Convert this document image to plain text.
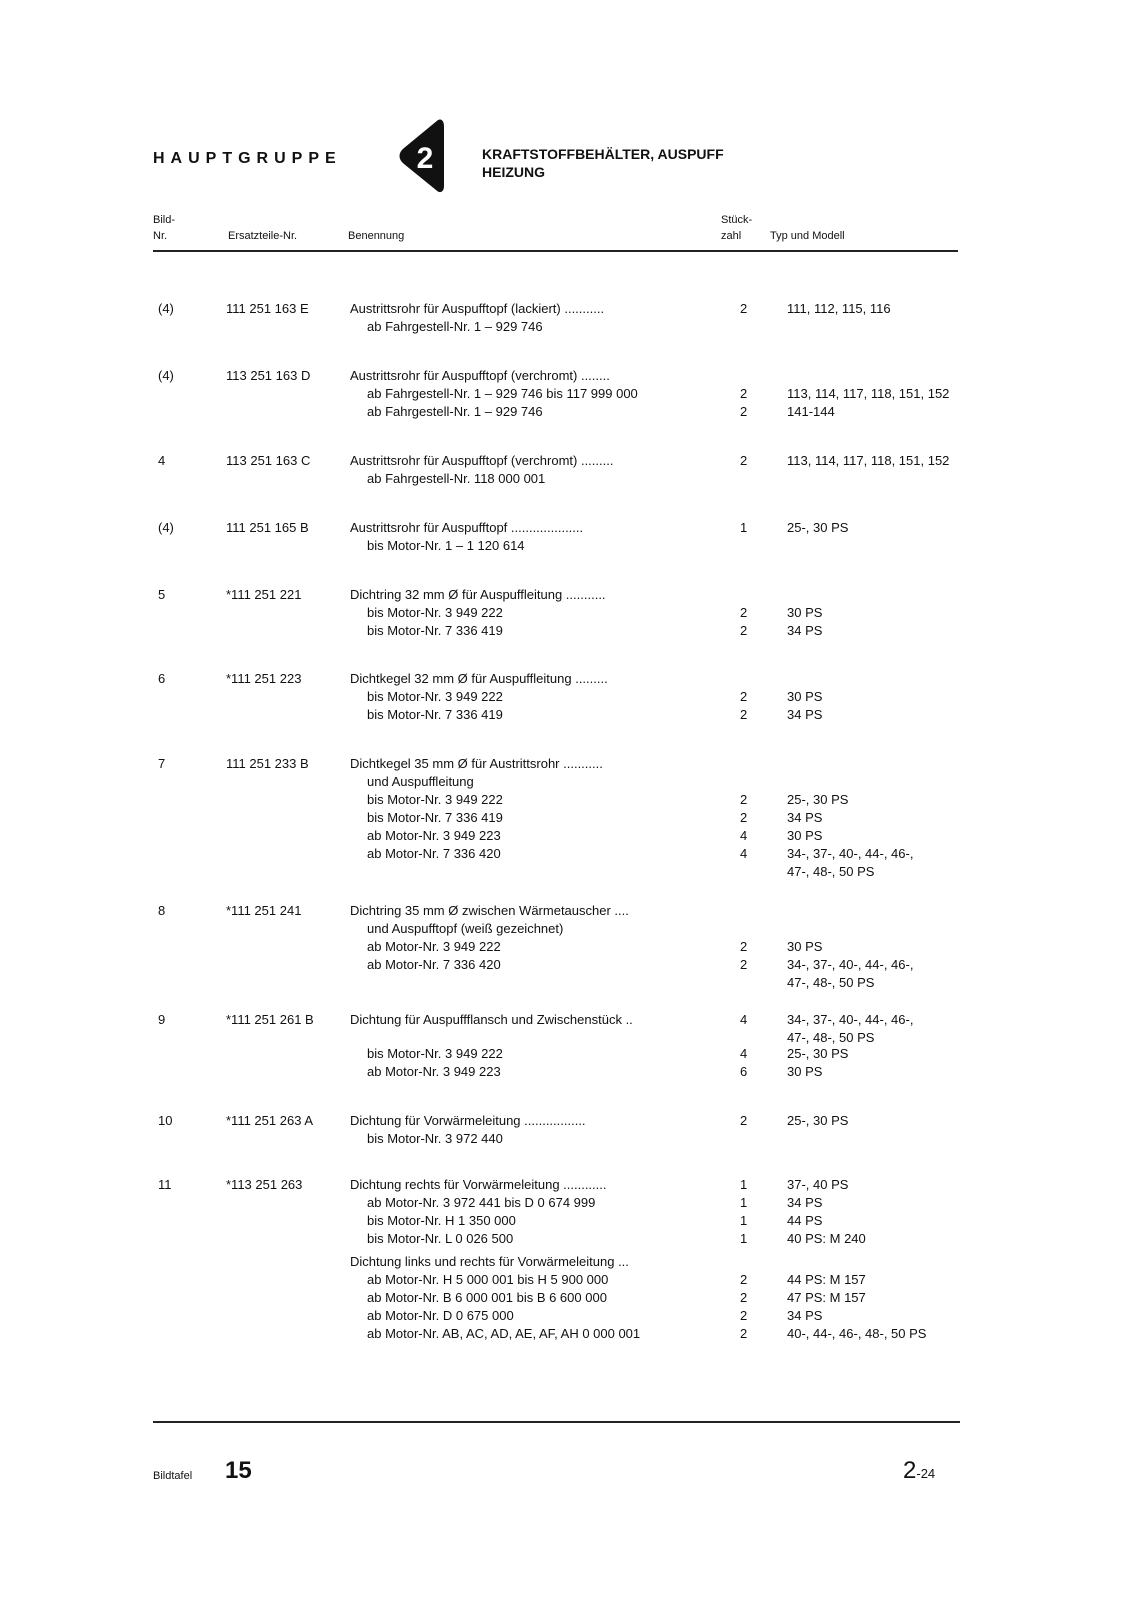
HAUPTGRUPPE 2	KRAFTSTOFFBEHÄLTER, AUSPUFF
HEIZUNG
Bild-
Nr.	Ersatzteile-Nr.	Benennung
Stück-
zahl	Typ und Modell
(4)	111 251 163 E	Austrittsrohr für Auspufftopf (lackiert) ...........	2	111, 112, 115, 116
ab Fahrgestell-Nr. 1 – 929 746
(4)	113 251 163 D	Austrittsrohr für Auspufftopf (verchromt) ........
ab Fahrgestell-Nr. 1 – 929 746 bis 117 999 000	2	113, 114, 117, 118, 151, 152
ab Fahrgestell-Nr. 1 – 929 746	2	141-144
4	113 251 163 C	Austrittsrohr für Auspufftopf (verchromt) .........	2	113, 114, 117, 118, 151, 152
ab Fahrgestell-Nr. 118 000 001
(4)	111 251 165 B	Austrittsrohr für Auspufftopf ....................	1	25-, 30 PS
bis Motor-Nr. 1 – 1 120 614
5	*111 251 221	Dichtring 32 mm Ø für Auspuffleitung ...........
bis Motor-Nr. 3 949 222	2	30 PS
bis Motor-Nr. 7 336 419	2	34 PS
6	*111 251 223	Dichtkegel 32 mm Ø für Auspuffleitung .........
bis Motor-Nr. 3 949 222	2	30 PS
bis Motor-Nr. 7 336 419	2	34 PS
7	111 251 233 B	Dichtkegel 35 mm Ø für Austrittsrohr ...........
und Auspuffleitung
bis Motor-Nr. 3 949 222	2	25-, 30 PS
bis Motor-Nr. 7 336 419	2	34 PS
ab Motor-Nr. 3 949 223	4	30 PS
ab Motor-Nr. 7 336 420	4	34-, 37-, 40-, 44-, 46-,
47-, 48-, 50 PS
8	*111 251 241	Dichtring 35 mm Ø zwischen Wärmetauscher ....
und Auspufftopf (weiß gezeichnet)
ab Motor-Nr. 3 949 222	2	30 PS
ab Motor-Nr. 7 336 420	2	34-, 37-, 40-, 44-, 46-,
47-, 48-, 50 PS
9	*111 251 261 B	Dichtung für Auspuffflansch und Zwischenstück ..	4	34-, 37-, 40-, 44-, 46-,
47-, 48-, 50 PS
bis Motor-Nr. 3 949 222	4	25-, 30 PS
ab Motor-Nr. 3 949 223	6	30 PS
10	*111 251 263 A	Dichtung für Vorwärmeleitung .................	2	25-, 30 PS
bis Motor-Nr. 3 972 440
11	*113 251 263	Dichtung rechts für Vorwärmeleitung ............	1	37-, 40 PS
ab Motor-Nr. 3 972 441 bis D 0 674 999	1	34 PS
bis Motor-Nr. H 1 350 000	1	44 PS
bis Motor-Nr. L 0 026 500	1	40 PS: M 240
Dichtung links und rechts für Vorwärmeleitung ...
ab Motor-Nr. H 5 000 001 bis H 5 900 000	2	44 PS: M 157
ab Motor-Nr. B 6 000 001 bis B 6 600 000	2	47 PS: M 157
ab Motor-Nr. D 0 675 000	2	34 PS
ab Motor-Nr. AB, AC, AD, AE, AF, AH 0 000 001	2	40-, 44-, 46-, 48-, 50 PS
Bildtafel 15	2-24
